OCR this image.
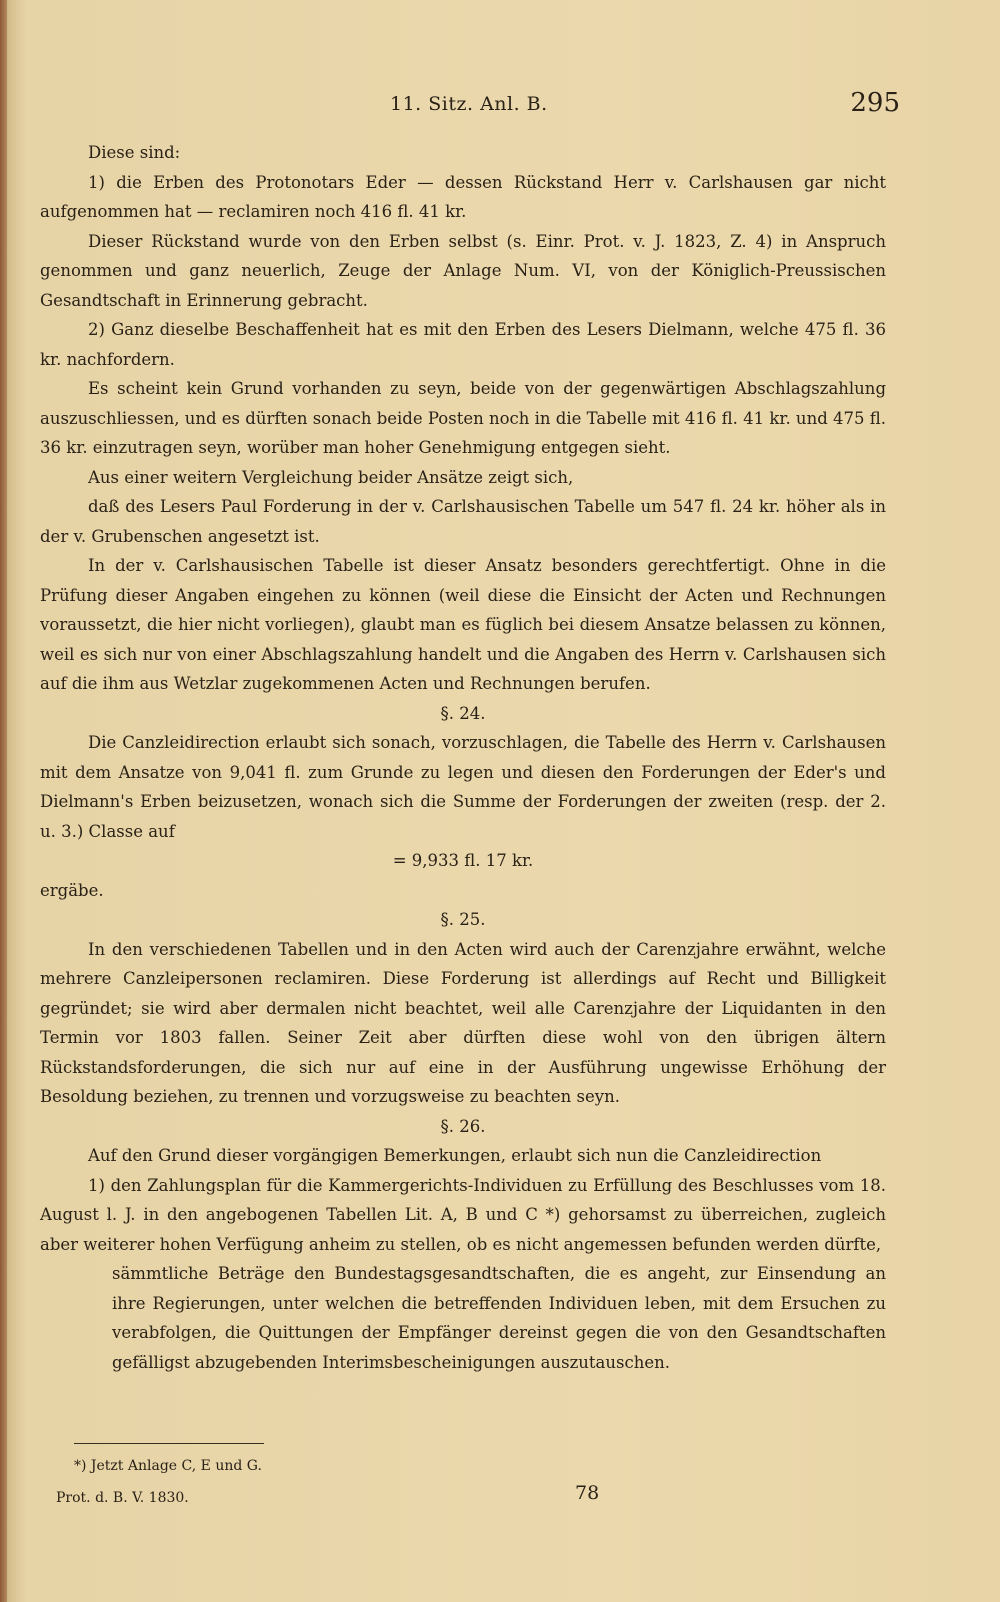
11. Sitz. Anl. B.	295

Diese sind:

1) die Erben des Protonotars Eder — dessen Rückstand Herr v. Carlshausen gar nicht aufgenommen hat — reclamiren noch 416 fl. 41 kr.

Dieser Rückstand wurde von den Erben selbst (s. Einr. Prot. v. J. 1823, Z. 4) in Anspruch genommen und ganz neuerlich, Zeuge der Anlage Num. VI, von der Königlich-Preussischen Gesandtschaft in Erinnerung gebracht.

2) Ganz dieselbe Beschaffenheit hat es mit den Erben des Lesers Dielmann, welche 475 fl. 36 kr. nachfordern.

Es scheint kein Grund vorhanden zu seyn, beide von der gegenwärtigen Abschlagszahlung auszuschliessen, und es dürften sonach beide Posten noch in die Tabelle mit 416 fl. 41 kr. und 475 fl. 36 kr. einzutragen seyn, worüber man hoher Genehmigung entgegen sieht.

Aus einer weitern Vergleichung beider Ansätze zeigt sich,

daß des Lesers Paul Forderung in der v. Carlshausischen Tabelle um 547 fl. 24 kr. höher als in der v. Grubenschen angesetzt ist.

In der v. Carlshausischen Tabelle ist dieser Ansatz besonders gerechtfertigt. Ohne in die Prüfung dieser Angaben eingehen zu können (weil diese die Einsicht der Acten und Rechnungen voraussetzt, die hier nicht vorliegen), glaubt man es füglich bei diesem Ansatze belassen zu können, weil es sich nur von einer Abschlagszahlung handelt und die Angaben des Herrn v. Carlshausen sich auf die ihm aus Wetzlar zugekommenen Acten und Rechnungen berufen.

§. 24.

Die Canzleidirection erlaubt sich sonach, vorzuschlagen, die Tabelle des Herrn v. Carlshausen mit dem Ansatze von 9,041 fl. zum Grunde zu legen und diesen den Forderungen der Eder's und Dielmann's Erben beizusetzen, wonach sich die Summe der Forderungen der zweiten (resp. der 2. u. 3.) Classe auf

= 9,933 fl. 17 kr.

ergäbe.

§. 25.

In den verschiedenen Tabellen und in den Acten wird auch der Carenzjahre erwähnt, welche mehrere Canzleipersonen reclamiren. Diese Forderung ist allerdings auf Recht und Billigkeit gegründet; sie wird aber dermalen nicht beachtet, weil alle Carenzjahre der Liquidanten in den Termin vor 1803 fallen. Seiner Zeit aber dürften diese wohl von den übrigen ältern Rückstandsforderungen, die sich nur auf eine in der Ausführung ungewisse Erhöhung der Besoldung beziehen, zu trennen und vorzugsweise zu beachten seyn.

§. 26.

Auf den Grund dieser vorgängigen Bemerkungen, erlaubt sich nun die Canzleidirection

1) den Zahlungsplan für die Kammergerichts-Individuen zu Erfüllung des Beschlusses vom 18. August l. J. in den angebogenen Tabellen Lit. A, B und C *) gehorsamst zu überreichen, zugleich aber weiterer hohen Verfügung anheim zu stellen, ob es nicht angemessen befunden werden dürfte,

sämmtliche Beträge den Bundestagsgesandtschaften, die es angeht, zur Einsendung an ihre Regierungen, unter welchen die betreffenden Individuen leben, mit dem Ersuchen zu verabfolgen, die Quittungen der Empfänger dereinst gegen die von den Gesandtschaften gefälligst abzugebenden Interimsbescheinigungen auszutauschen.

*) Jetzt Anlage C, E und G.
Prot. d. B. V. 1830.	78
